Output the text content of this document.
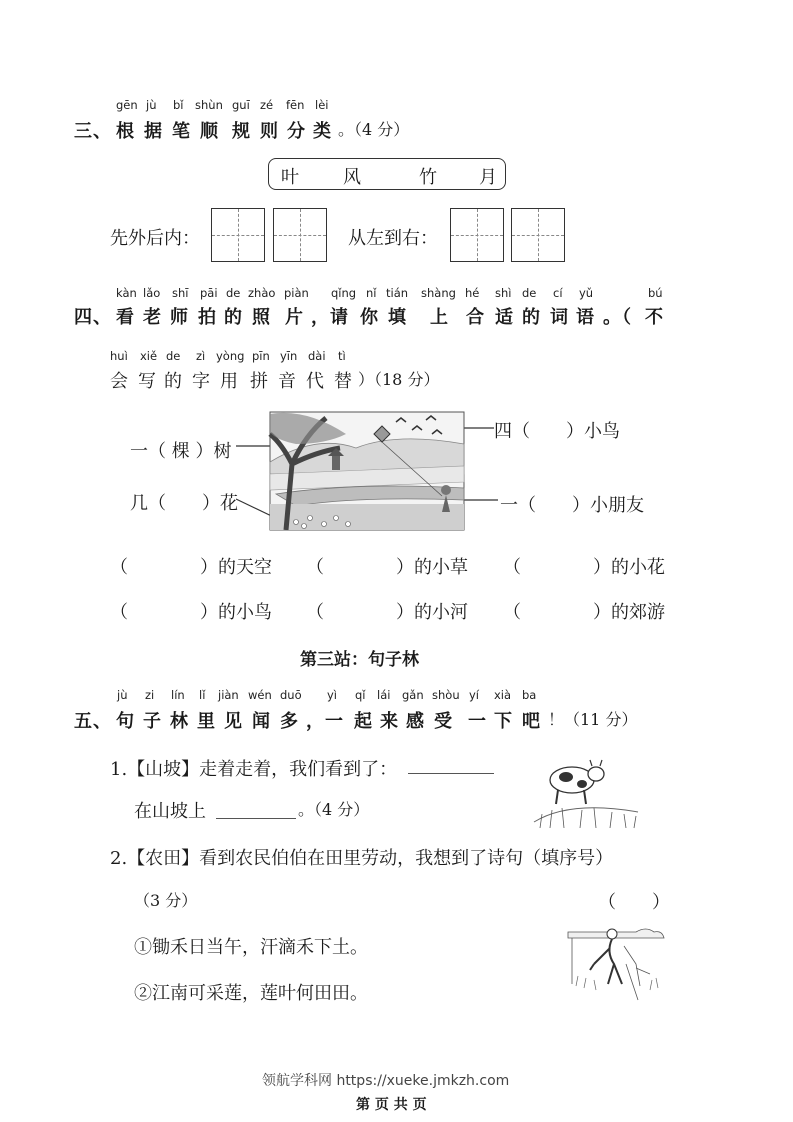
gēn jù bǐ shùn guī zé fēn lèi
三、 根 据 笔 顺 规 则 分 类 。（4 分）
叶 风	竹 月
先外后内：	从左到右：
kàn lǎo shī pāi de zhào piàn qǐng nǐ tián shàng hé shì de cí yǔ	bú
四、 看 老 师 拍 的 照 片 ，请 你 填 上 合 适 的 词 语 。（ 不
huì xiě de zì yòng pīn yīn dài tì
会 写 的 字 用 拼 音 代 替 ）（18 分）
一（ 棵 ）树
几（　　）花
四（　　）小鸟
一（　　）小朋友
（　　　　）的天空 （　　　　）的小草 （　　　　）的小花
（　　　　）的小鸟 （　　　　）的小河 （　　　　）的郊游
第三站：句子林
jù zi lín lǐ jiàn wén duō yì qǐ lái gǎn shòu yí xià ba
五、 句 子 林 里 见 闻 多 ，一 起 来 感 受 一 下 吧 ！（11 分）
1.【山坡】走着走着，我们看到了：
在山坡上	。（4 分）
2.【农田】看到农民伯伯在田里劳动，我想到了诗句（填序号）
（3 分）	（　　）
①锄禾日当午，汗滴禾下土。
②江南可采莲，莲叶何田田。
领航学科网 https://xueke.jmkzh.com
第 页 共 页
